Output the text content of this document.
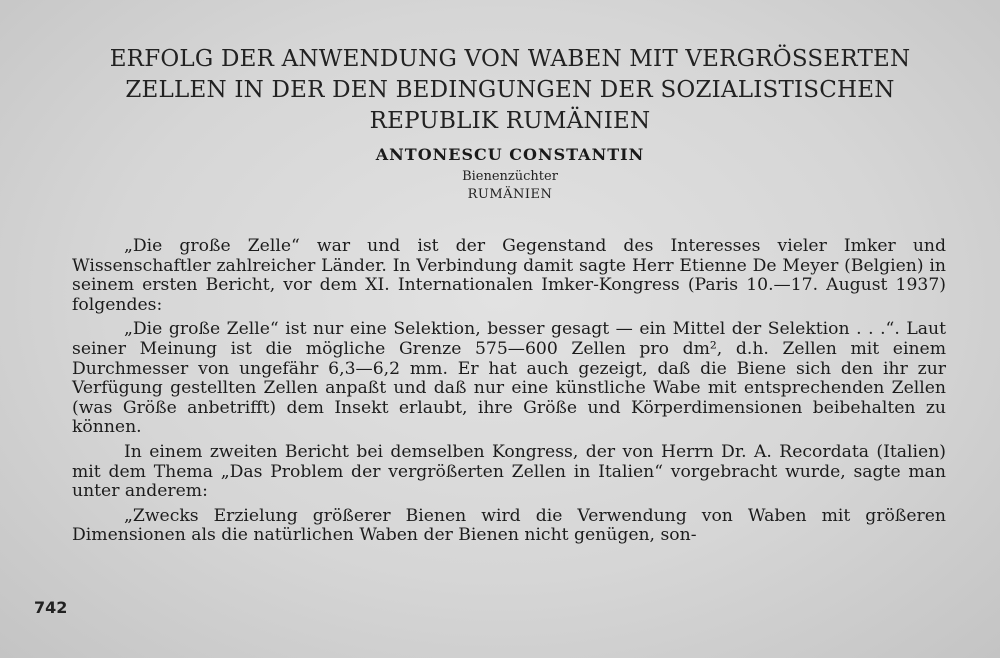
ERFOLG DER ANWENDUNG VON WABEN MIT VERGRÖSSERTEN
ZELLEN IN DER DEN BEDINGUNGEN DER SOZIALISTISCHEN
REPUBLIK RUMÄNIEN
ANTONESCU CONSTANTIN
Bienenzüchter
RUMÄNIEN

„Die große Zelle“ war und ist der Gegenstand des Interesses vieler Imker und Wissenschaftler zahlreicher Länder. In Verbindung damit sagte Herr Etienne De Meyer (Belgien) in seinem ersten Bericht, vor dem XI. Internationalen Imker-Kongress (Paris 10.—17. August 1937) folgendes:

„Die große Zelle“ ist nur eine Selektion, besser gesagt — ein Mittel der Selektion . . .“. Laut seiner Meinung ist die mögliche Grenze 575—600 Zellen pro dm², d.h. Zellen mit einem Durchmesser von ungefähr 6,3—6,2 mm. Er hat auch gezeigt, daß die Biene sich den ihr zur Verfügung gestellten Zellen anpaßt und daß nur eine künstliche Wabe mit entsprechenden Zellen (was Größe anbetrifft) dem Insekt erlaubt, ihre Größe und Körperdimensionen beibehalten zu können.

In einem zweiten Bericht bei demselben Kongress, der von Herrn Dr. A. Recordata (Italien) mit dem Thema „Das Problem der vergrößerten Zellen in Italien“ vorgebracht wurde, sagte man unter anderem:

„Zwecks Erzielung größerer Bienen wird die Verwendung von Waben mit größeren Dimensionen als die natürlichen Waben der Bienen nicht genügen, son-

742
